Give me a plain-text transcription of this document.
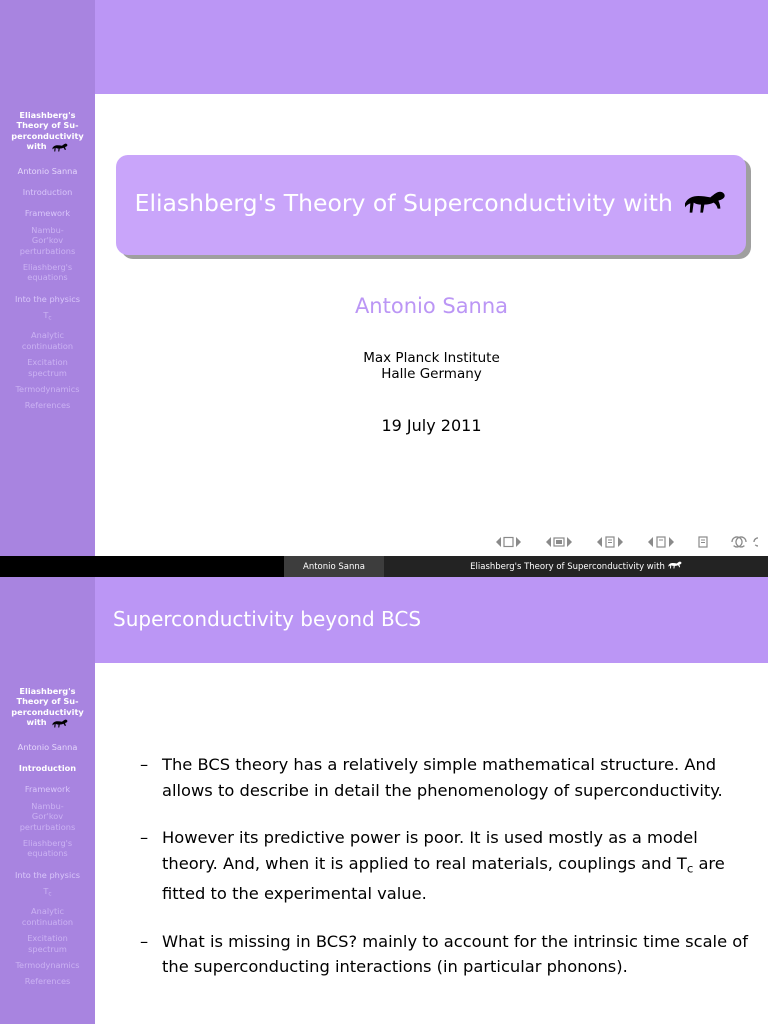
Eliashberg's
Theory of Su-
perconductivity
with
Antonio Sanna
Introduction
Framework
Nambu-
Gor'kov
perturbations
Eliashberg's
equations
Into the physics
$T_c$
Analytic
continuation
Excitation
spectrum
Termodynamics
References
Eliashberg's Theory of Superconductivity with
Antonio Sanna
Max Planck Institute
Halle Germany
19 July 2011
Antonio Sanna	Eliashberg's Theory of Superconductivity with
Superconductivity beyond BCS
Eliashberg's
Theory of Su-
perconductivity
with
Antonio Sanna
Introduction
Framework
Nambu-
Gor'kov
perturbations
Eliashberg's
equations
Into the physics
$T_c$
Analytic
continuation
Excitation
spectrum
Termodynamics
References
– The BCS theory has a relatively simple mathematical structure. And allows to describe in detail the phenomenology of superconductivity.
– However its predictive power is poor. It is used mostly as a model theory. And, when it is applied to real materials, couplings and $T_c$ are fitted to the experimental value.
– What is missing in BCS? mainly to account for the intrinsic time scale of the superconducting interactions (in particular phonons).
